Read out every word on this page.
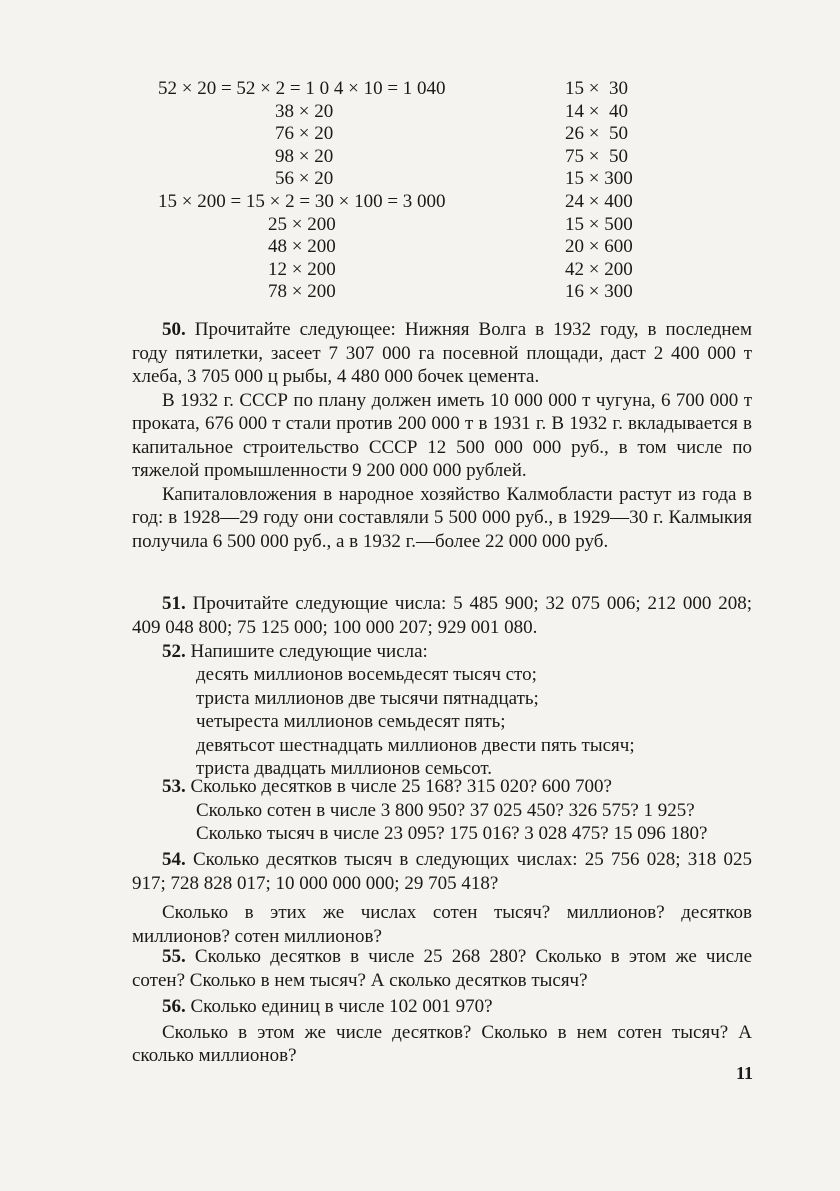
52 × 20 = 52 × 2 = 1 0 4 × 10 = 1 040
38 × 20
76 × 20
98 × 20
56 × 20
15 × 200 = 15 × 2 = 30 × 100 = 3 000
25 × 200
48 × 200
12 × 200
78 × 200
15 ×  30
14 ×  40
26 ×  50
75 ×  50
15 × 300
24 × 400
15 × 500
20 × 600
42 × 200
16 × 300

50. Прочитайте следующее: Нижняя Волга в 1932 году, в последнем году пятилетки, засеет 7 307 000 га посевной площади, даст 2 400 000 т хлеба, 3 705 000 ц рыбы, 4 480 000 бочек цемента.

В 1932 г. СССР по плану должен иметь 10 000 000 т чугуна, 6 700 000 т проката, 676 000 т стали против 200 000 т в 1931 г. В 1932 г. вкладывается в капитальное строительство СССР 12 500 000 000 руб., в том числе по тяжелой промышленности 9 200 000 000 рублей.

Капиталовложения в народное хозяйство Калмобласти растут из года в год: в 1928—29 году они составляли 5 500 000 руб., в 1929—30 г. Калмыкия получила 6 500 000 руб., а в 1932 г.—более 22 000 000 руб.

51. Прочитайте следующие числа: 5 485 900; 32 075 006; 212 000 208; 409 048 800; 75 125 000; 100 000 207; 929 001 080.

52. Напишите следующие числа:

десять миллионов восемьдесят тысяч сто;
триста миллионов две тысячи пятнадцать;
четыреста миллионов семьдесят пять;
девятьсот шестнадцать миллионов двести пять тысяч;
триста двадцать миллионов семьсот.

53. Сколько десятков в числе 25 168? 315 020? 600 700?

Сколько сотен в числе 3 800 950? 37 025 450? 326 575? 1 925?

Сколько тысяч в числе 23 095? 175 016? 3 028 475? 15 096 180?

54. Сколько десятков тысяч в следующих числах: 25 756 028; 318 025 917; 728 828 017; 10 000 000 000; 29 705 418?

Сколько в этих же числах сотен тысяч? миллионов? десятков миллионов? сотен миллионов?

55. Сколько десятков в числе 25 268 280? Сколько в этом же числе сотен? Сколько в нем тысяч? А сколько десятков тысяч?

56. Сколько единиц в числе 102 001 970?

Сколько в этом же числе десятков? Сколько в нем сотен тысяч? А сколько миллионов?

11
